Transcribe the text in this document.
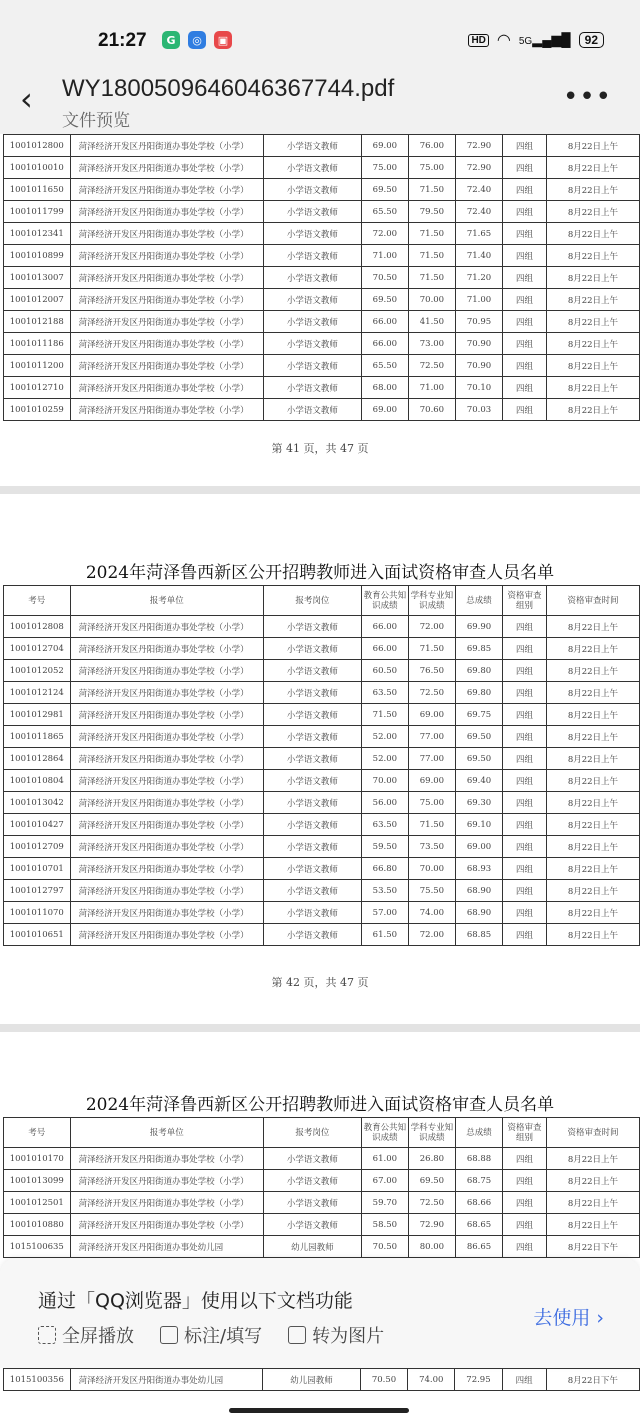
21:27	G	◎	▣	HD ◠ 5G▂▄▆█	92
‹ WY18005096460463677​44.pdf
文件预览
•••
1001012800	菏泽经济开发区丹阳街道办事处学校（小学）	小学语文教师	69.00	76.00	72.90	四组	8月22日上午
1001010010	菏泽经济开发区丹阳街道办事处学校（小学）	小学语文教师	75.00	75.00	72.90	四组	8月22日上午
1001011650	菏泽经济开发区丹阳街道办事处学校（小学）	小学语文教师	69.50	71.50	72.40	四组	8月22日上午
1001011799	菏泽经济开发区丹阳街道办事处学校（小学）	小学语文教师	65.50	79.50	72.40	四组	8月22日上午
1001012341	菏泽经济开发区丹阳街道办事处学校（小学）	小学语文教师	72.00	71.50	71.65	四组	8月22日上午
1001010899	菏泽经济开发区丹阳街道办事处学校（小学）	小学语文教师	71.00	71.50	71.40	四组	8月22日上午
1001013007	菏泽经济开发区丹阳街道办事处学校（小学）	小学语文教师	70.50	71.50	71.20	四组	8月22日上午
1001012007	菏泽经济开发区丹阳街道办事处学校（小学）	小学语文教师	69.50	70.00	71.00	四组	8月22日上午
1001012188	菏泽经济开发区丹阳街道办事处学校（小学）	小学语文教师	66.00	41.50	70.95	四组	8月22日上午
1001011186	菏泽经济开发区丹阳街道办事处学校（小学）	小学语文教师	66.00	73.00	70.90	四组	8月22日上午
1001011200	菏泽经济开发区丹阳街道办事处学校（小学）	小学语文教师	65.50	72.50	70.90	四组	8月22日上午
1001012710	菏泽经济开发区丹阳街道办事处学校（小学）	小学语文教师	68.00	71.00	70.10	四组	8月22日上午
1001010259	菏泽经济开发区丹阳街道办事处学校（小学）	小学语文教师	69.00	70.60	70.03	四组	8月22日上午
第 41 页，共 47 页
2024年菏泽鲁西新区公开招聘教师进入面试资格审查人员名单
考号	报考单位	报考岗位	教育公共知识成绩	学科专业知识成绩	总成绩	资格审查组别	资格审查时间
1001012808	菏泽经济开发区丹阳街道办事处学校（小学）	小学语文教师	66.00	72.00	69.90	四组	8月22日上午
1001012704	菏泽经济开发区丹阳街道办事处学校（小学）	小学语文教师	66.00	71.50	69.85	四组	8月22日上午
1001012052	菏泽经济开发区丹阳街道办事处学校（小学）	小学语文教师	60.50	76.50	69.80	四组	8月22日上午
1001012124	菏泽经济开发区丹阳街道办事处学校（小学）	小学语文教师	63.50	72.50	69.80	四组	8月22日上午
1001012981	菏泽经济开发区丹阳街道办事处学校（小学）	小学语文教师	71.50	69.00	69.75	四组	8月22日上午
1001011865	菏泽经济开发区丹阳街道办事处学校（小学）	小学语文教师	52.00	77.00	69.50	四组	8月22日上午
1001012864	菏泽经济开发区丹阳街道办事处学校（小学）	小学语文教师	52.00	77.00	69.50	四组	8月22日上午
1001010804	菏泽经济开发区丹阳街道办事处学校（小学）	小学语文教师	70.00	69.00	69.40	四组	8月22日上午
1001013042	菏泽经济开发区丹阳街道办事处学校（小学）	小学语文教师	56.00	75.00	69.30	四组	8月22日上午
1001010427	菏泽经济开发区丹阳街道办事处学校（小学）	小学语文教师	63.50	71.50	69.10	四组	8月22日上午
1001012709	菏泽经济开发区丹阳街道办事处学校（小学）	小学语文教师	59.50	73.50	69.00	四组	8月22日上午
1001010701	菏泽经济开发区丹阳街道办事处学校（小学）	小学语文教师	66.80	70.00	68.93	四组	8月22日上午
1001012797	菏泽经济开发区丹阳街道办事处学校（小学）	小学语文教师	53.50	75.50	68.90	四组	8月22日上午
1001011070	菏泽经济开发区丹阳街道办事处学校（小学）	小学语文教师	57.00	74.00	68.90	四组	8月22日上午
1001010651	菏泽经济开发区丹阳街道办事处学校（小学）	小学语文教师	61.50	72.00	68.85	四组	8月22日上午
第 42 页，共 47 页
2024年菏泽鲁西新区公开招聘教师进入面试资格审查人员名单
考号	报考单位	报考岗位	教育公共知识成绩	学科专业知识成绩	总成绩	资格审查组别	资格审查时间
1001010170	菏泽经济开发区丹阳街道办事处学校（小学）	小学语文教师	61.00	26.80	68.88	四组	8月22日上午
1001013099	菏泽经济开发区丹阳街道办事处学校（小学）	小学语文教师	67.00	69.50	68.75	四组	8月22日上午
1001012501	菏泽经济开发区丹阳街道办事处学校（小学）	小学语文教师	59.70	72.50	68.66	四组	8月22日上午
1001010880	菏泽经济开发区丹阳街道办事处学校（小学）	小学语文教师	58.50	72.90	68.65	四组	8月22日上午
1015100635	菏泽经济开发区丹阳街道办事处幼儿园	幼儿园教师	70.50	80.00	86.65	四组	8月22日下午
1015100356	菏泽经济开发区丹阳街道办事处幼儿园	幼儿园教师	70.50	74.00	72.95	四组	8月22日下午
通过「QQ浏览器」使用以下文档功能
全屏播放	标注/填写	转为图片
去使用 ›
